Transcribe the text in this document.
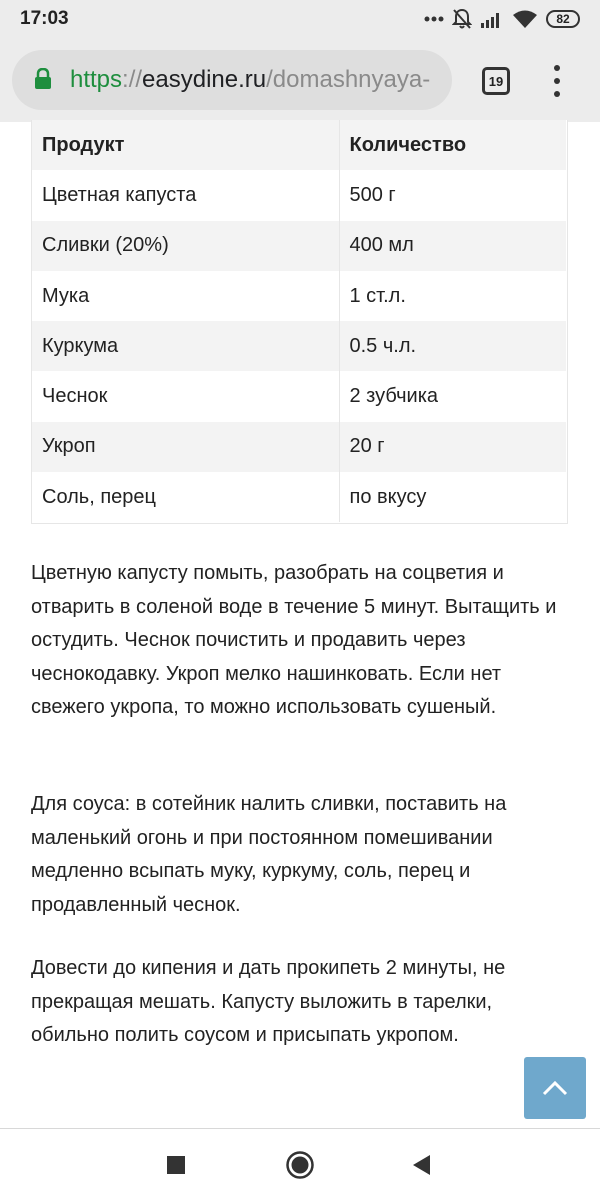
17:03	82
https://easydine.ru/domashnyaya-	19
Продукт	Количество
Цветная капуста	500 г
Сливки (20%)	400 мл
Мука	1 ст.л.
Куркума	0.5 ч.л.
Чеснок	2 зубчика
Укроп	20 г
Соль, перец	по вкусу

Цветную капусту помыть, разобрать на соцветия и отварить в соленой воде в течение 5 минут. Вытащить и остудить. Чеснок почистить и продавить через чеснокодавку. Укроп мелко нашинковать. Если нет свежего укропа, то можно использовать сушеный.

Для соуса: в сотейник налить сливки, поставить на маленький огонь и при постоянном помешивании медленно всыпать муку, куркуму, соль, перец и продавленный чеснок.

Довести до кипения и дать прокипеть 2 минуты, не прекращая мешать. Капусту выложить в тарелки, обильно полить соусом и присыпать укропом.
